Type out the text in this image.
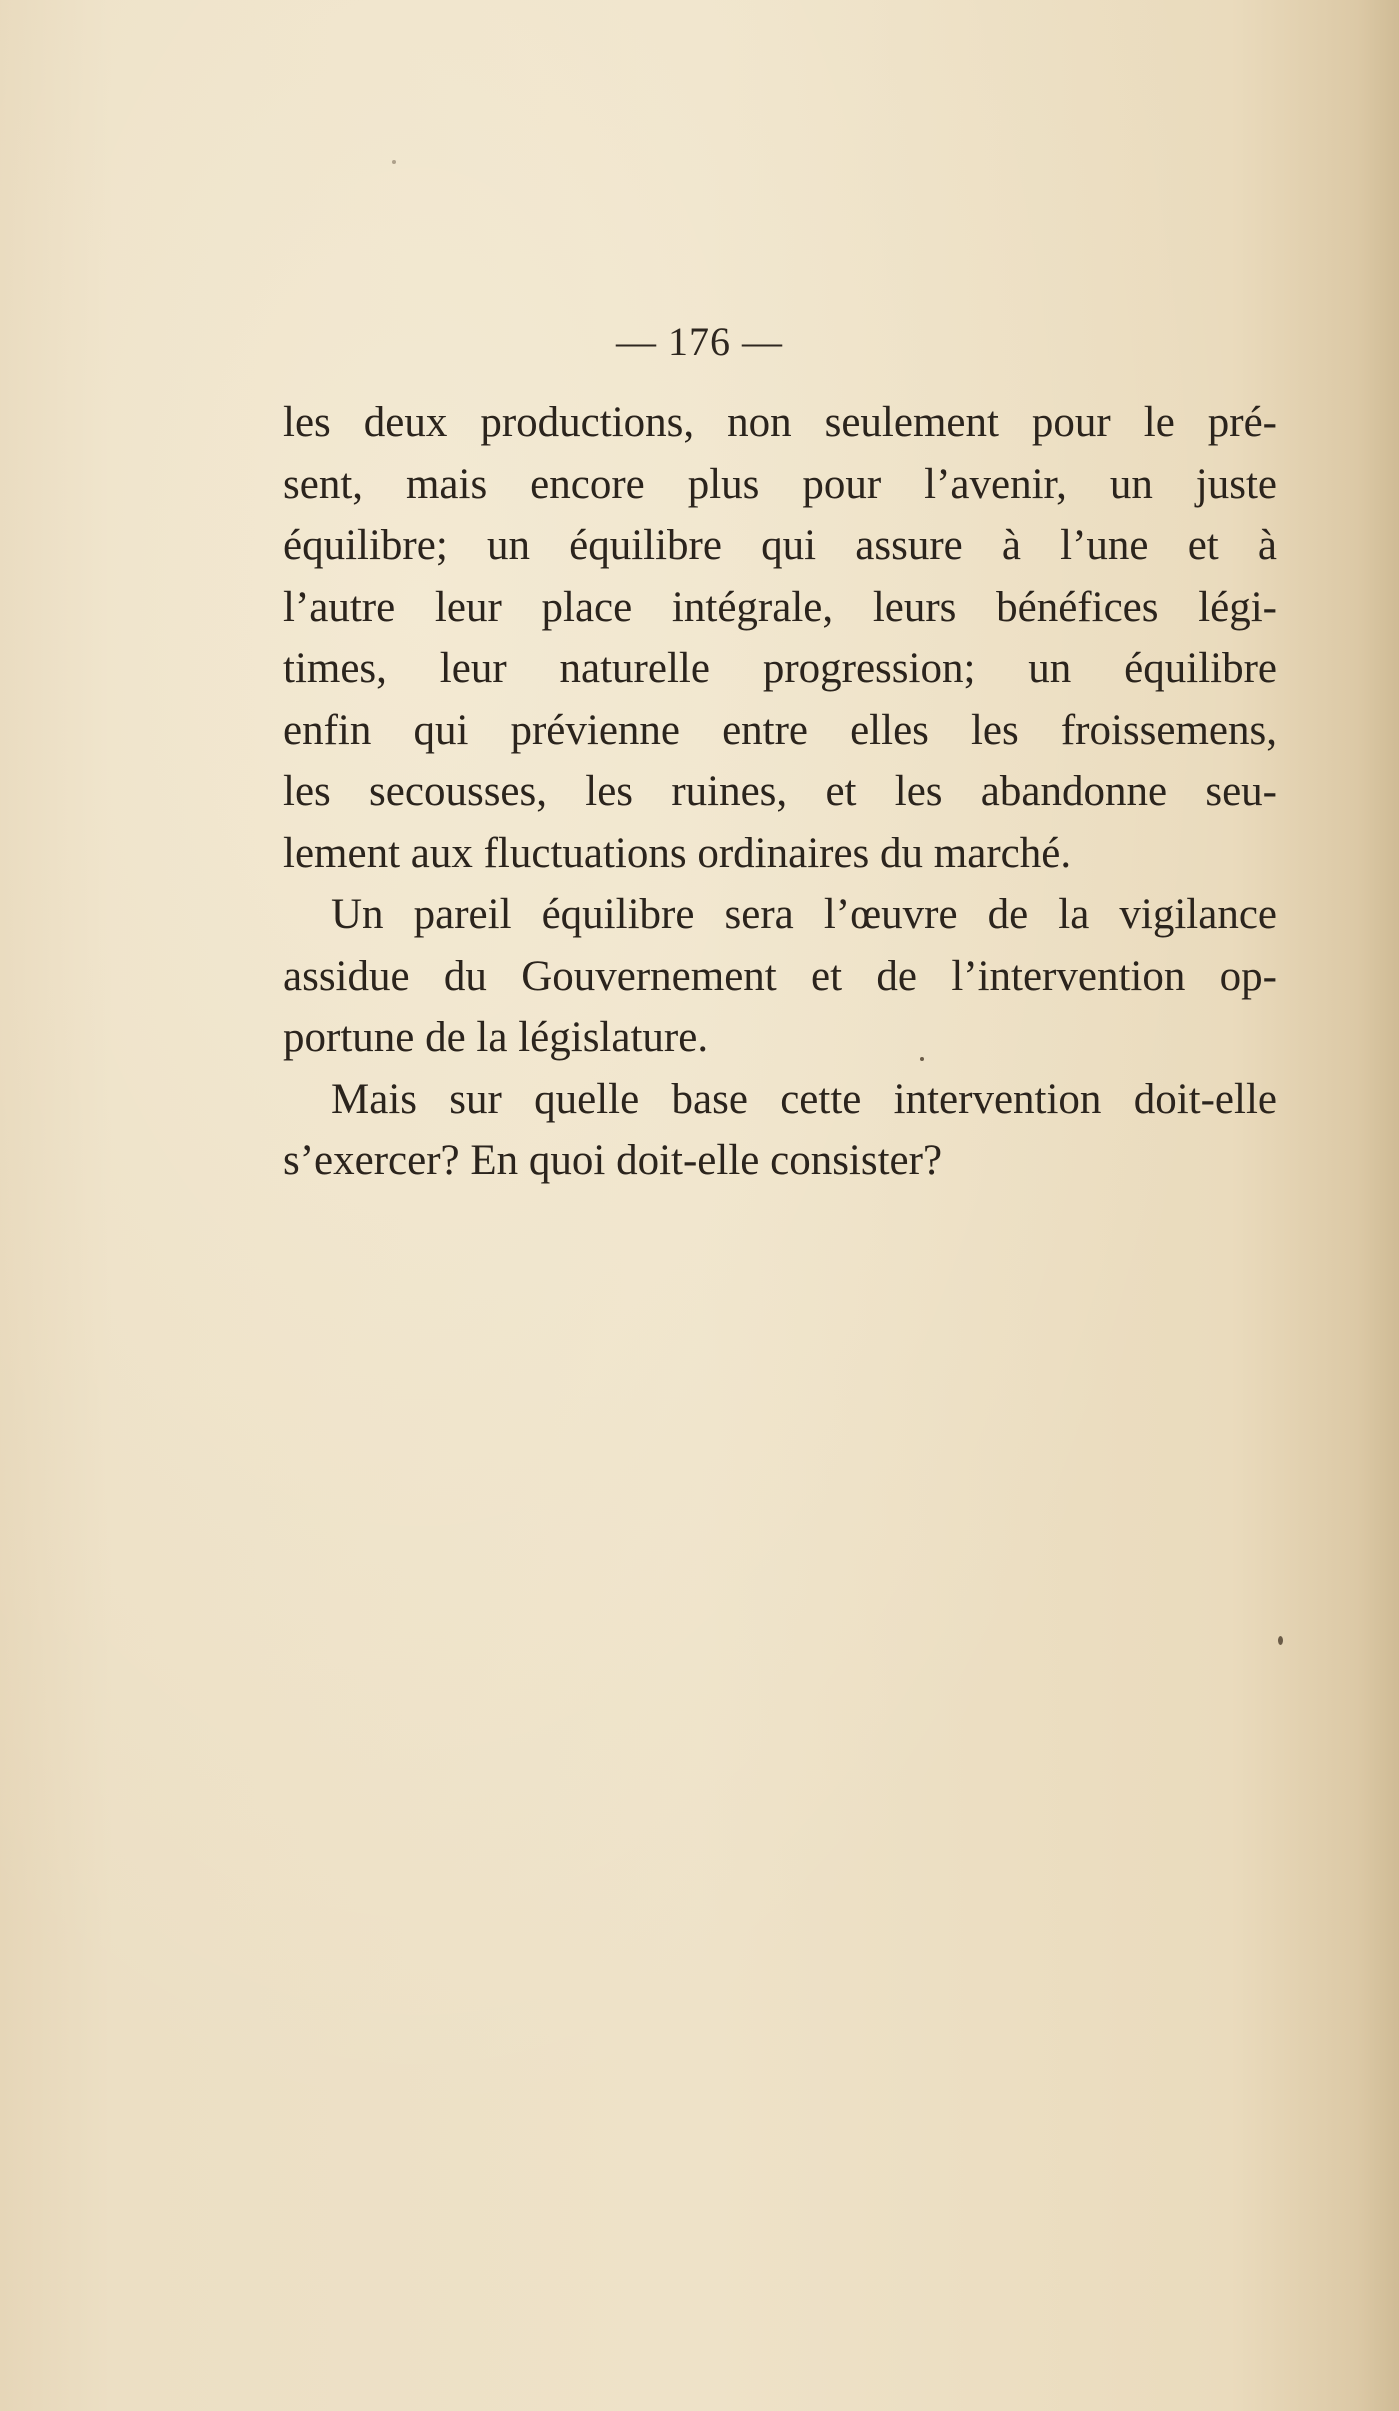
— 176 —
les deux productions, non seulement pour le pré-
sent, mais encore plus pour l’avenir, un juste
équilibre; un équilibre qui assure à l’une et à
l’autre leur place intégrale, leurs bénéfices légi-
times, leur naturelle progression; un équilibre
enfin qui prévienne entre elles les froissemens,
les secousses, les ruines, et les abandonne seu-
lement aux fluctuations ordinaires du marché.
Un pareil équilibre sera l’œuvre de la vigilance
assidue du Gouvernement et de l’intervention op-
portune de la législature.
Mais sur quelle base cette intervention doit-elle
s’exercer? En quoi doit-elle consister?
